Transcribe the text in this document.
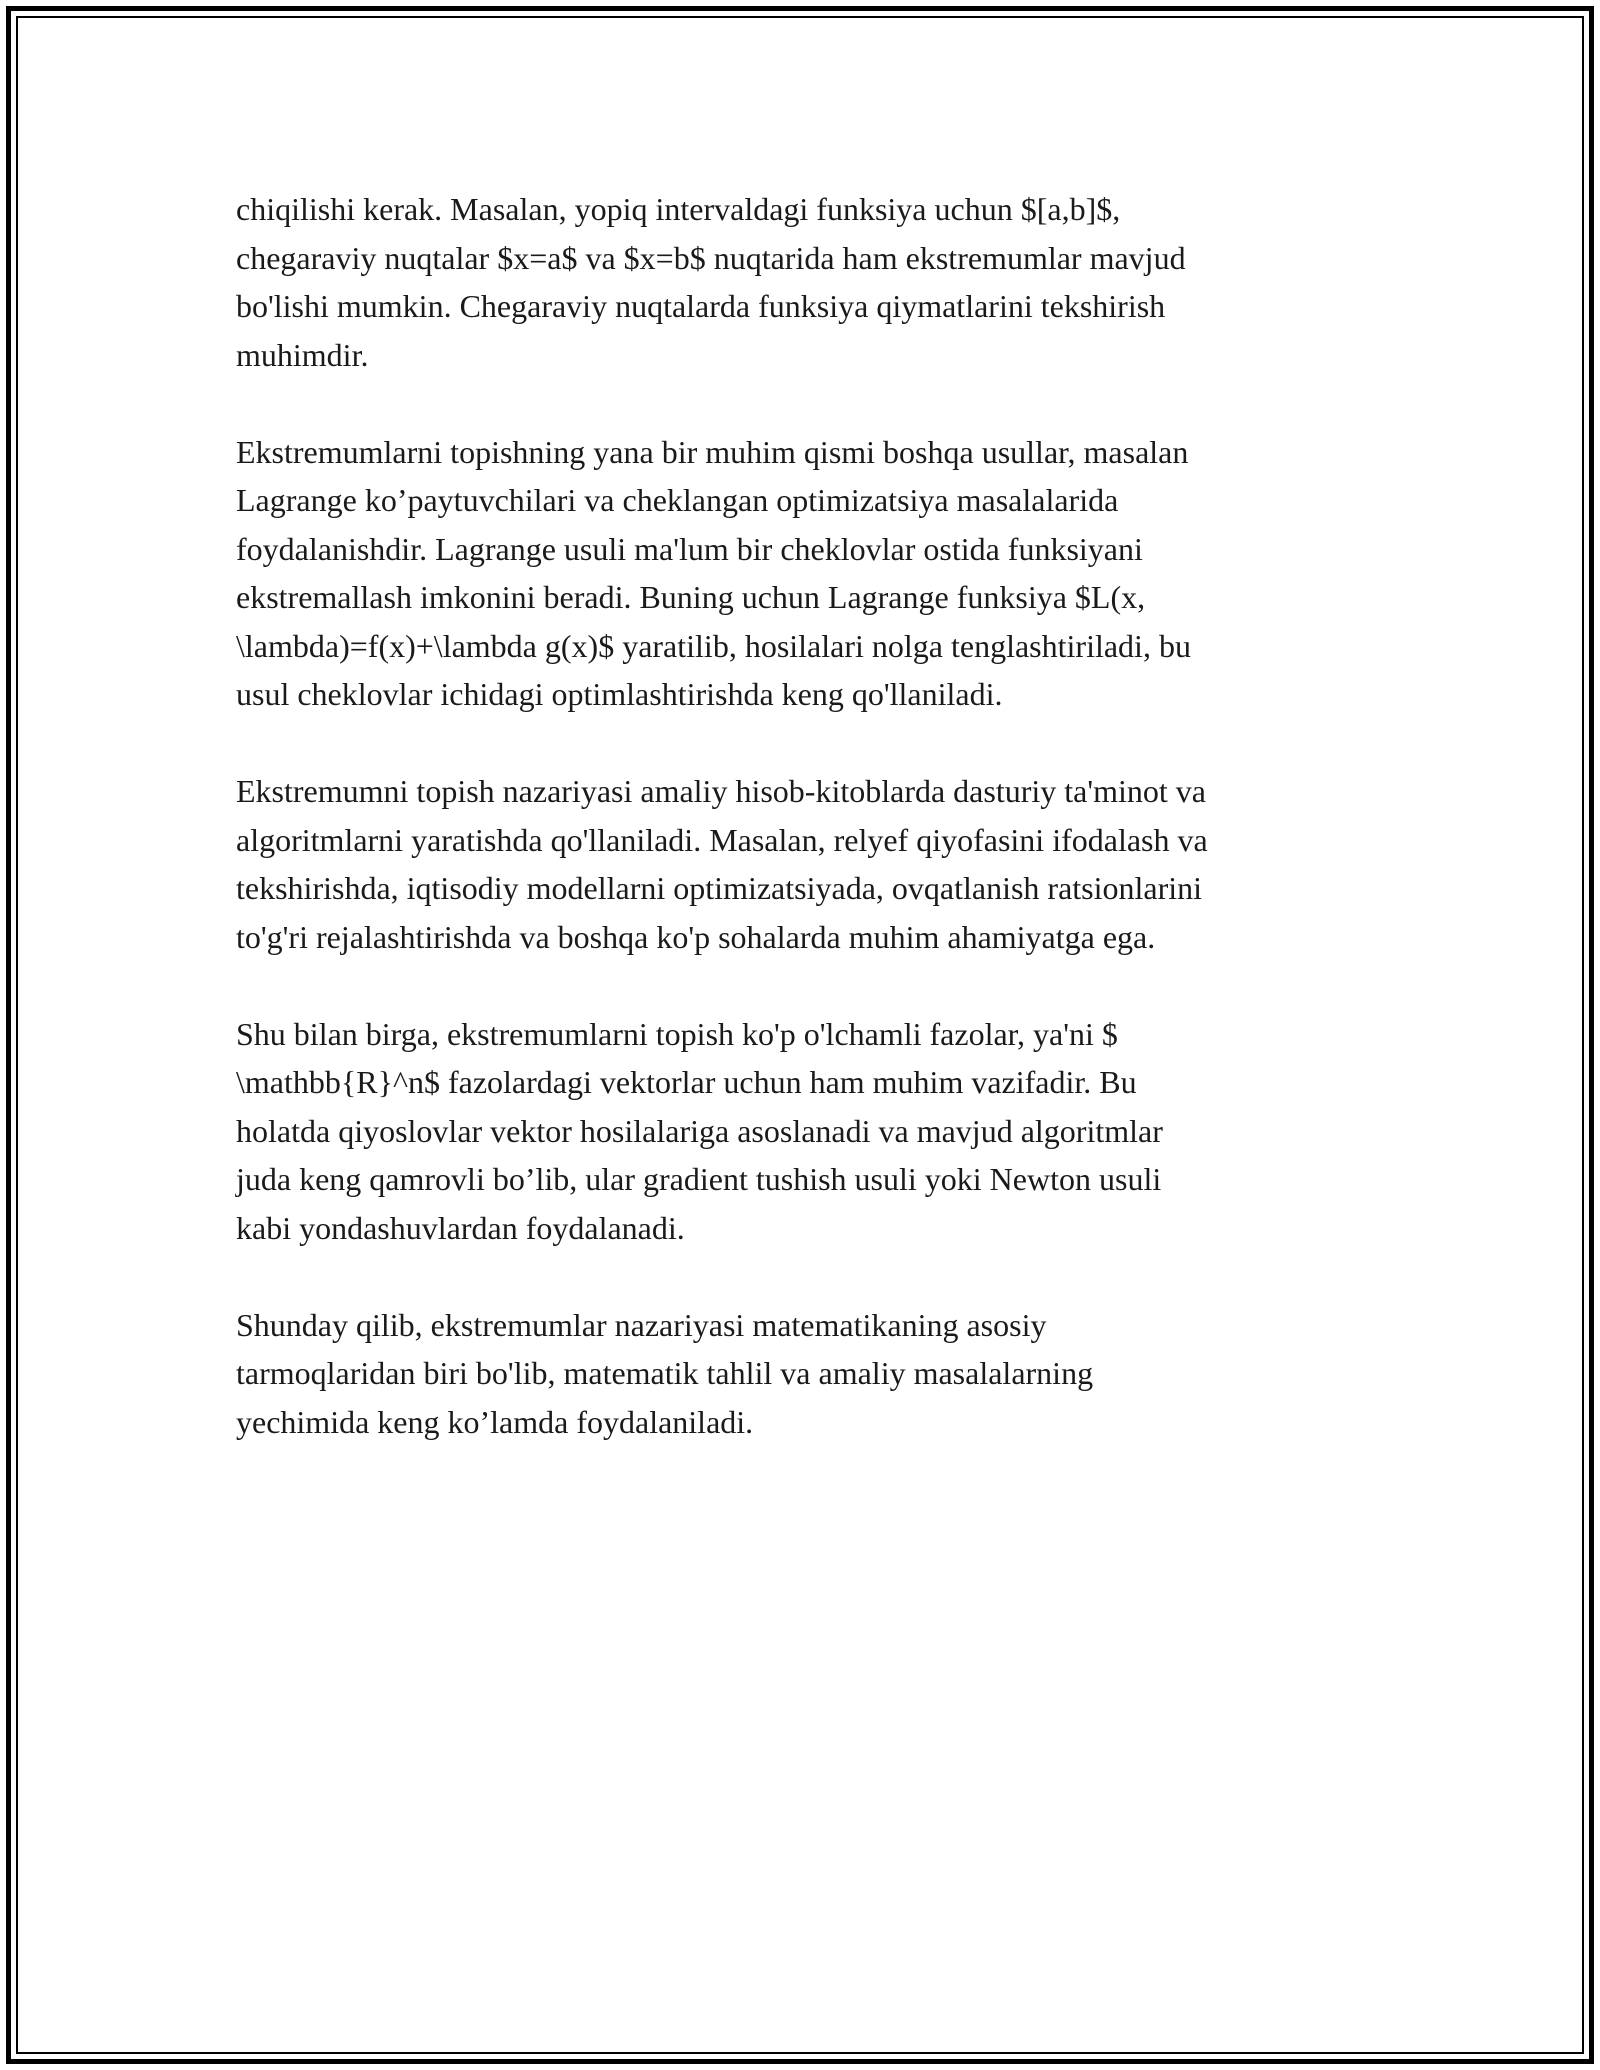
chiqilishi kerak. Masalan, yopiq intervaldagi funksiya uchun $[a,b]$,
chegaraviy nuqtalar $x=a$ va $x=b$ nuqtarida ham ekstremumlar mavjud
bo'lishi mumkin. Chegaraviy nuqtalarda funksiya qiymatlarini tekshirish
muhimdir.

Ekstremumlarni topishning yana bir muhim qismi boshqa usullar, masalan
Lagrange ko’paytuvchilari va cheklangan optimizatsiya masalalarida
foydalanishdir. Lagrange usuli ma'lum bir cheklovlar ostida funksiyani
ekstremallash imkonini beradi. Buning uchun Lagrange funksiya $L(x,
\lambda)=f(x)+\lambda g(x)$ yaratilib, hosilalari nolga tenglashtiriladi, bu
usul cheklovlar ichidagi optimlashtirishda keng qo'llaniladi.

Ekstremumni topish nazariyasi amaliy hisob-kitoblarda dasturiy ta'minot va
algoritmlarni yaratishda qo'llaniladi. Masalan, relyef qiyofasini ifodalash va
tekshirishda, iqtisodiy modellarni optimizatsiyada, ovqatlanish ratsionlarini
to'g'ri rejalashtirishda va boshqa ko'p sohalarda muhim ahamiyatga ega.

Shu bilan birga, ekstremumlarni topish ko'p o'lchamli fazolar, ya'ni $
\mathbb{R}^n$ fazolardagi vektorlar uchun ham muhim vazifadir. Bu
holatda qiyoslovlar vektor hosilalariga asoslanadi va mavjud algoritmlar
juda keng qamrovli bo’lib, ular gradient tushish usuli yoki Newton usuli
kabi yondashuvlardan foydalanadi.

Shunday qilib, ekstremumlar nazariyasi matematikaning asosiy
tarmoqlaridan biri bo'lib, matematik tahlil va amaliy masalalarning
yechimida keng ko’lamda foydalaniladi.
